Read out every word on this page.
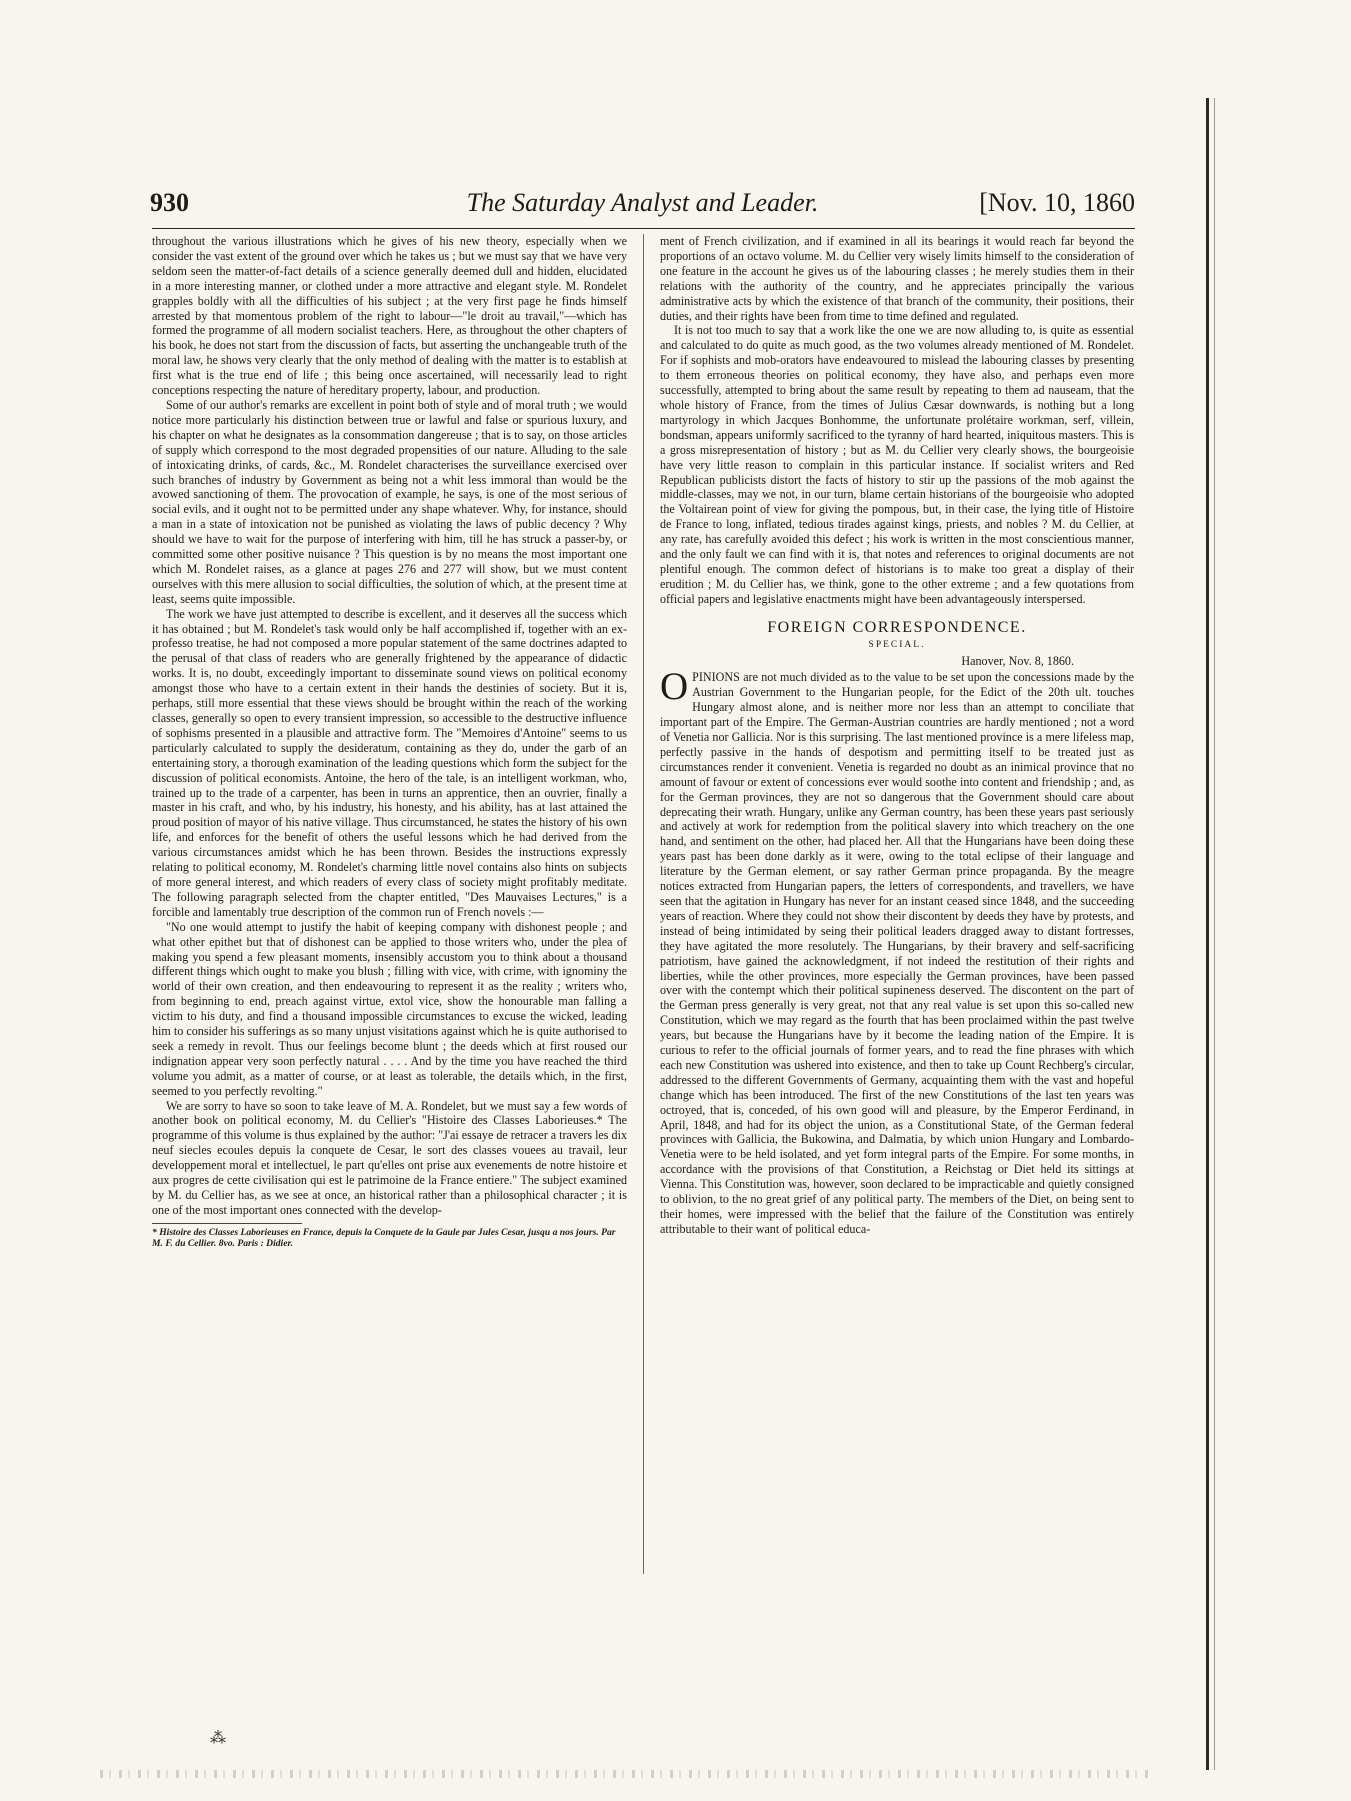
930	The Saturday Analyst and Leader.	[Nov. 10, 1860

throughout the various illustrations which he gives of his new theory, especially when we consider the vast extent of the ground over which he takes us ; but we must say that we have very seldom seen the matter-of-fact details of a science generally deemed dull and hidden, elucidated in a more interesting manner, or clothed under a more attractive and elegant style. M. Rondelet grapples boldly with all the difficulties of his subject ; at the very first page he finds himself arrested by that momentous problem of the right to labour—"le droit au travail,"—which has formed the programme of all modern socialist teachers. Here, as throughout the other chapters of his book, he does not start from the discussion of facts, but asserting the unchangeable truth of the moral law, he shows very clearly that the only method of dealing with the matter is to establish at first what is the true end of life ; this being once ascertained, will necessarily lead to right conceptions respecting the nature of hereditary property, labour, and production.

Some of our author's remarks are excellent in point both of style and of moral truth ; we would notice more particularly his distinction between true or lawful and false or spurious luxury, and his chapter on what he designates as la consommation dangereuse ; that is to say, on those articles of supply which correspond to the most degraded propensities of our nature. Alluding to the sale of intoxicating drinks, of cards, &c., M. Rondelet characterises the surveillance exercised over such branches of industry by Government as being not a whit less immoral than would be the avowed sanctioning of them. The provocation of example, he says, is one of the most serious of social evils, and it ought not to be permitted under any shape whatever. Why, for instance, should a man in a state of intoxication not be punished as violating the laws of public decency ? Why should we have to wait for the purpose of interfering with him, till he has struck a passer-by, or committed some other positive nuisance ? This question is by no means the most important one which M. Rondelet raises, as a glance at pages 276 and 277 will show, but we must content ourselves with this mere allusion to social difficulties, the solution of which, at the present time at least, seems quite impossible.

The work we have just attempted to describe is excellent, and it deserves all the success which it has obtained ; but M. Rondelet's task would only be half accomplished if, together with an ex-professo treatise, he had not composed a more popular statement of the same doctrines adapted to the perusal of that class of readers who are generally frightened by the appearance of didactic works. It is, no doubt, exceedingly important to disseminate sound views on political economy amongst those who have to a certain extent in their hands the destinies of society. But it is, perhaps, still more essential that these views should be brought within the reach of the working classes, generally so open to every transient impression, so accessible to the destructive influence of sophisms presented in a plausible and attractive form. The "Memoires d'Antoine" seems to us particularly calculated to supply the desideratum, containing as they do, under the garb of an entertaining story, a thorough examination of the leading questions which form the subject for the discussion of political economists. Antoine, the hero of the tale, is an intelligent workman, who, trained up to the trade of a carpenter, has been in turns an apprentice, then an ouvrier, finally a master in his craft, and who, by his industry, his honesty, and his ability, has at last attained the proud position of mayor of his native village. Thus circumstanced, he states the history of his own life, and enforces for the benefit of others the useful lessons which he had derived from the various circumstances amidst which he has been thrown. Besides the instructions expressly relating to political economy, M. Rondelet's charming little novel contains also hints on subjects of more general interest, and which readers of every class of society might profitably meditate. The following paragraph selected from the chapter entitled, "Des Mauvaises Lectures," is a forcible and lamentably true description of the common run of French novels :—

"No one would attempt to justify the habit of keeping company with dishonest people ; and what other epithet but that of dishonest can be applied to those writers who, under the plea of making you spend a few pleasant moments, insensibly accustom you to think about a thousand different things which ought to make you blush ; filling with vice, with crime, with ignominy the world of their own creation, and then endeavouring to represent it as the reality ; writers who, from beginning to end, preach against virtue, extol vice, show the honourable man falling a victim to his duty, and find a thousand impossible circumstances to excuse the wicked, leading him to consider his sufferings as so many unjust visitations against which he is quite authorised to seek a remedy in revolt. Thus our feelings become blunt ; the deeds which at first roused our indignation appear very soon perfectly natural . . . . And by the time you have reached the third volume you admit, as a matter of course, or at least as tolerable, the details which, in the first, seemed to you perfectly revolting."

We are sorry to have so soon to take leave of M. A. Rondelet, but we must say a few words of another book on political economy, M. du Cellier's "Histoire des Classes Laborieuses.* The programme of this volume is thus explained by the author: "J'ai essaye de retracer a travers les dix neuf siecles ecoules depuis la conquete de Cesar, le sort des classes vouees au travail, leur developpement moral et intellectuel, le part qu'elles ont prise aux evenements de notre histoire et aux progres de cette civilisation qui est le patrimoine de la France entiere." The subject examined by M. du Cellier has, as we see at once, an historical rather than a philosophical character ; it is one of the most important ones connected with the develop-

* Histoire des Classes Laborieuses en France, depuis la Conquete de la Gaule par Jules Cesar, jusqu a nos jours. Par M. F. du Cellier. 8vo. Paris : Didier.

ment of French civilization, and if examined in all its bearings it would reach far beyond the proportions of an octavo volume. M. du Cellier very wisely limits himself to the consideration of one feature in the account he gives us of the labouring classes ; he merely studies them in their relations with the authority of the country, and he appreciates principally the various administrative acts by which the existence of that branch of the community, their positions, their duties, and their rights have been from time to time defined and regulated.

It is not too much to say that a work like the one we are now alluding to, is quite as essential and calculated to do quite as much good, as the two volumes already mentioned of M. Rondelet. For if sophists and mob-orators have endeavoured to mislead the labouring classes by presenting to them erroneous theories on political economy, they have also, and perhaps even more successfully, attempted to bring about the same result by repeating to them ad nauseam, that the whole history of France, from the times of Julius Cæsar downwards, is nothing but a long martyrology in which Jacques Bonhomme, the unfortunate prolétaire workman, serf, villein, bondsman, appears uniformly sacrificed to the tyranny of hard hearted, iniquitous masters. This is a gross misrepresentation of history ; but as M. du Cellier very clearly shows, the bourgeoisie have very little reason to complain in this particular instance. If socialist writers and Red Republican publicists distort the facts of history to stir up the passions of the mob against the middle-classes, may we not, in our turn, blame certain historians of the bourgeoisie who adopted the Voltairean point of view for giving the pompous, but, in their case, the lying title of Histoire de France to long, inflated, tedious tirades against kings, priests, and nobles ? M. du Cellier, at any rate, has carefully avoided this defect ; his work is written in the most conscientious manner, and the only fault we can find with it is, that notes and references to original documents are not plentiful enough. The common defect of historians is to make too great a display of their erudition ; M. du Cellier has, we think, gone to the other extreme ; and a few quotations from official papers and legislative enactments might have been advantageously interspersed.

FOREIGN CORRESPONDENCE.
SPECIAL.
Hanover, Nov. 8, 1860.

OPINIONS are not much divided as to the value to be set upon the concessions made by the Austrian Government to the Hungarian people, for the Edict of the 20th ult. touches Hungary almost alone, and is neither more nor less than an attempt to conciliate that important part of the Empire. The German-Austrian countries are hardly mentioned ; not a word of Venetia nor Gallicia. Nor is this surprising. The last mentioned province is a mere lifeless map, perfectly passive in the hands of despotism and permitting itself to be treated just as circumstances render it convenient. Venetia is regarded no doubt as an inimical province that no amount of favour or extent of concessions ever would soothe into content and friendship ; and, as for the German provinces, they are not so dangerous that the Government should care about deprecating their wrath. Hungary, unlike any German country, has been these years past seriously and actively at work for redemption from the political slavery into which treachery on the one hand, and sentiment on the other, had placed her. All that the Hungarians have been doing these years past has been done darkly as it were, owing to the total eclipse of their language and literature by the German element, or say rather German prince propaganda. By the meagre notices extracted from Hungarian papers, the letters of correspondents, and travellers, we have seen that the agitation in Hungary has never for an instant ceased since 1848, and the succeeding years of reaction. Where they could not show their discontent by deeds they have by protests, and instead of being intimidated by seing their political leaders dragged away to distant fortresses, they have agitated the more resolutely. The Hungarians, by their bravery and self-sacrificing patriotism, have gained the acknowledgment, if not indeed the restitution of their rights and liberties, while the other provinces, more especially the German provinces, have been passed over with the contempt which their political supineness deserved. The discontent on the part of the German press generally is very great, not that any real value is set upon this so-called new Constitution, which we may regard as the fourth that has been proclaimed within the past twelve years, but because the Hungarians have by it become the leading nation of the Empire. It is curious to refer to the official journals of former years, and to read the fine phrases with which each new Constitution was ushered into existence, and then to take up Count Rechberg's circular, addressed to the different Governments of Germany, acquainting them with the vast and hopeful change which has been introduced. The first of the new Constitutions of the last ten years was octroyed, that is, conceded, of his own good will and pleasure, by the Emperor Ferdinand, in April, 1848, and had for its object the union, as a Constitutional State, of the German federal provinces with Gallicia, the Bukowina, and Dalmatia, by which union Hungary and Lombardo-Venetia were to be held isolated, and yet form integral parts of the Empire. For some months, in accordance with the provisions of that Constitution, a Reichstag or Diet held its sittings at Vienna. This Constitution was, however, soon declared to be impracticable and quietly consigned to oblivion, to the no great grief of any political party. The members of the Diet, on being sent to their homes, were impressed with the belief that the failure of the Constitution was entirely attributable to their want of political educa-

⁂
